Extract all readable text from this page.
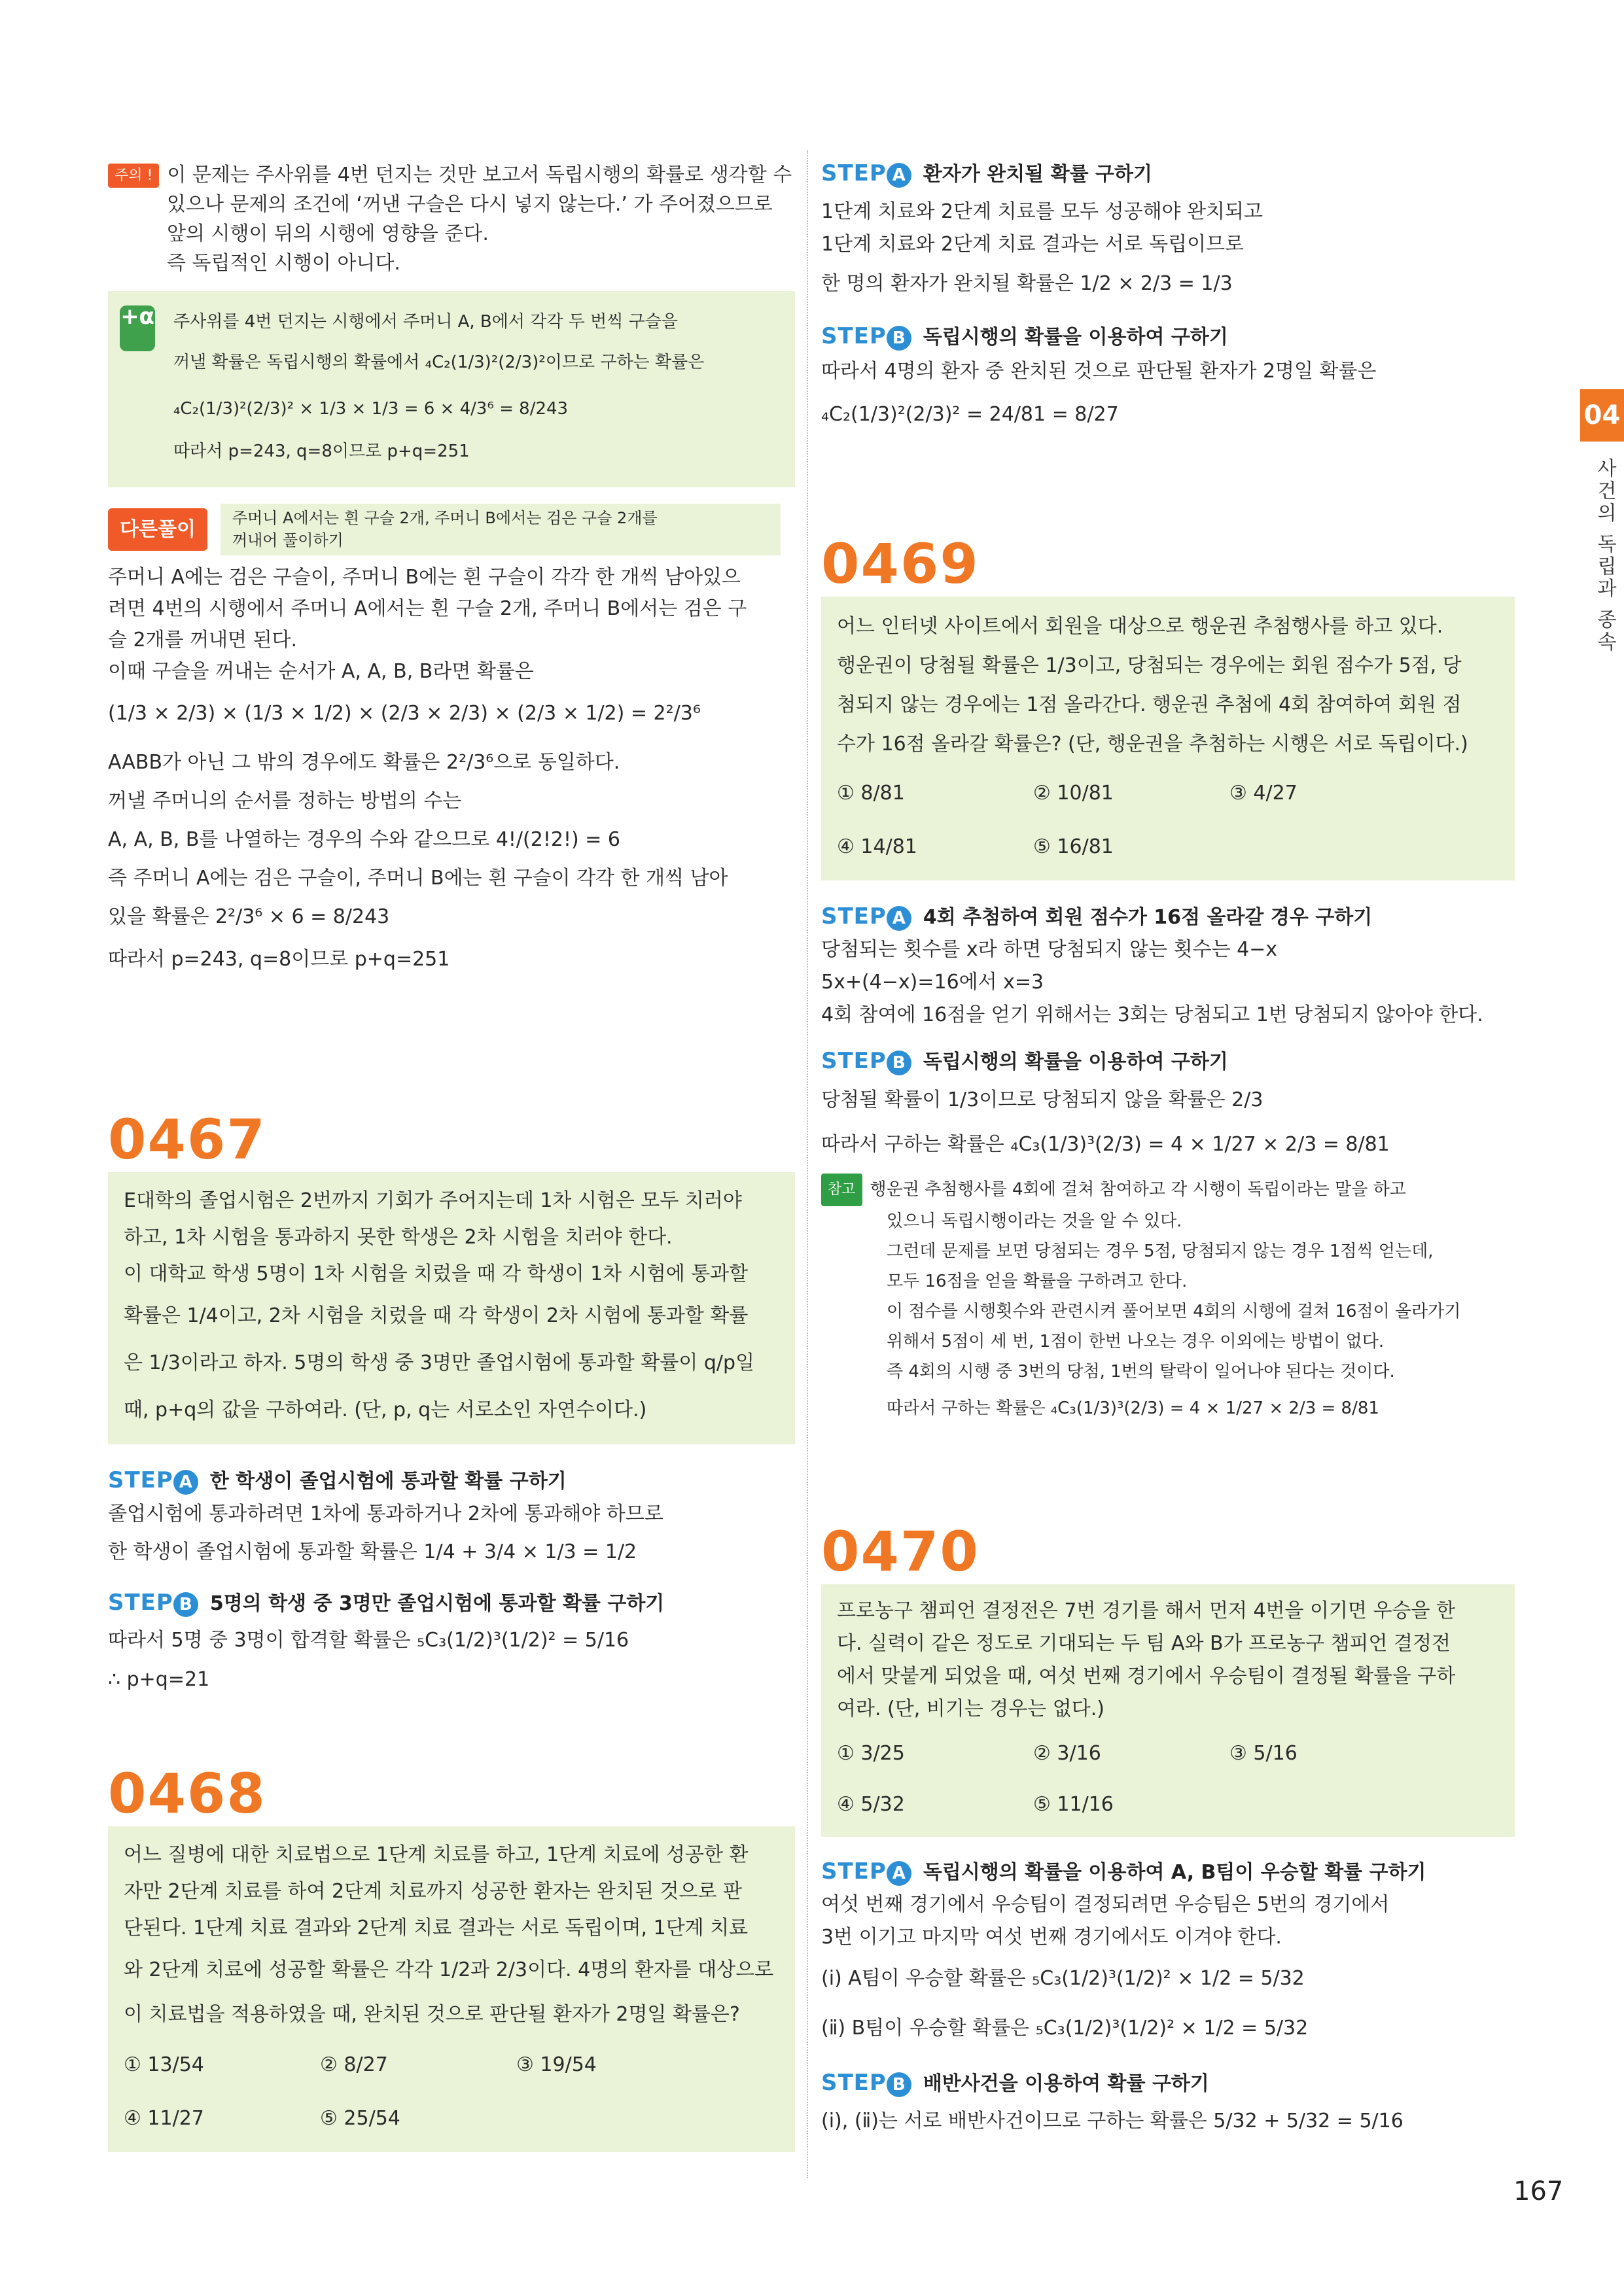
주의 ! 이 문제는 주사위를 4번 던지는 것만 보고서 독립시행의 확률로 생각할 수
있으나 문제의 조건에 ‘꺼낸 구슬은 다시 넣지 않는다.’ 가 주어졌으므로
앞의 시행이 뒤의 시행에 영향을 준다.
즉 독립적인 시행이 아니다.
+α 주사위를 4번 던지는 시행에서 주머니 A, B에서 각각 두 번씩 구슬을
꺼낼 확률은 독립시행의 확률에서 ₄C₂(1/3)²(2/3)²이므로 구하는 확률은
₄C₂(1/3)²(2/3)² × 1/3 × 1/3 = 6 × 4/3⁶ = 8/243
따라서 p=243, q=8이므로 p+q=251
다른풀이
주머니 A에서는 흰 구슬 2개, 주머니 B에서는 검은 구슬 2개를
꺼내어 풀이하기
주머니 A에는 검은 구슬이, 주머니 B에는 흰 구슬이 각각 한 개씩 남아있으
려면 4번의 시행에서 주머니 A에서는 흰 구슬 2개, 주머니 B에서는 검은 구
슬 2개를 꺼내면 된다.
이때 구슬을 꺼내는 순서가 A, A, B, B라면 확률은
(1/3 × 2/3) × (1/3 × 1/2) × (2/3 × 2/3) × (2/3 × 1/2) = 2²/3⁶
AABB가 아닌 그 밖의 경우에도 확률은 2²/3⁶으로 동일하다.
꺼낼 주머니의 순서를 정하는 방법의 수는
A, A, B, B를 나열하는 경우의 수와 같으므로 4!/(2!2!) = 6
즉 주머니 A에는 검은 구슬이, 주머니 B에는 흰 구슬이 각각 한 개씩 남아
있을 확률은 2²/3⁶ × 6 = 8/243
따라서 p=243, q=8이므로 p+q=251
0467
E대학의 졸업시험은 2번까지 기회가 주어지는데 1차 시험은 모두 치러야
하고, 1차 시험을 통과하지 못한 학생은 2차 시험을 치러야 한다.
이 대학교 학생 5명이 1차 시험을 치렀을 때 각 학생이 1차 시험에 통과할
확률은 1/4이고, 2차 시험을 치렀을 때 각 학생이 2차 시험에 통과할 확률
은 1/3이라고 하자. 5명의 학생 중 3명만 졸업시험에 통과할 확률이 q/p일
때, p+q의 값을 구하여라. (단, p, q는 서로소인 자연수이다.)
STEP A 한 학생이 졸업시험에 통과할 확률 구하기
졸업시험에 통과하려면 1차에 통과하거나 2차에 통과해야 하므로
한 학생이 졸업시험에 통과할 확률은 1/4 + 3/4 × 1/3 = 1/2
STEP B 5명의 학생 중 3명만 졸업시험에 통과할 확률 구하기
따라서 5명 중 3명이 합격할 확률은 ₅C₃(1/2)³(1/2)² = 5/16
∴ p+q=21
0468
어느 질병에 대한 치료법으로 1단계 치료를 하고, 1단계 치료에 성공한 환
자만 2단계 치료를 하여 2단계 치료까지 성공한 환자는 완치된 것으로 판
단된다. 1단계 치료 결과와 2단계 치료 결과는 서로 독립이며, 1단계 치료
와 2단계 치료에 성공할 확률은 각각 1/2과 2/3이다. 4명의 환자를 대상으로
이 치료법을 적용하였을 때, 완치된 것으로 판단될 환자가 2명일 확률은?
① 13/54	② 8/27	③ 19/54
④ 11/27	⑤ 25/54
STEP A 환자가 완치될 확률 구하기
1단계 치료와 2단계 치료를 모두 성공해야 완치되고
1단계 치료와 2단계 치료 결과는 서로 독립이므로
한 명의 환자가 완치될 확률은 1/2 × 2/3 = 1/3
STEP B 독립시행의 확률을 이용하여 구하기
따라서 4명의 환자 중 완치된 것으로 판단될 환자가 2명일 확률은
₄C₂(1/3)²(2/3)² = 24/81 = 8/27
0469
어느 인터넷 사이트에서 회원을 대상으로 행운권 추첨행사를 하고 있다.
행운권이 당첨될 확률은 1/3이고, 당첨되는 경우에는 회원 점수가 5점, 당
첨되지 않는 경우에는 1점 올라간다. 행운권 추첨에 4회 참여하여 회원 점
수가 16점 올라갈 확률은? (단, 행운권을 추첨하는 시행은 서로 독립이다.)
① 8/81	② 10/81	③ 4/27
④ 14/81	⑤ 16/81
STEP A 4회 추첨하여 회원 점수가 16점 올라갈 경우 구하기
당첨되는 횟수를 x라 하면 당첨되지 않는 횟수는 4−x
5x+(4−x)=16에서 x=3
4회 참여에 16점을 얻기 위해서는 3회는 당첨되고 1번 당첨되지 않아야 한다.
STEP B 독립시행의 확률을 이용하여 구하기
당첨될 확률이 1/3이므로 당첨되지 않을 확률은 2/3
따라서 구하는 확률은 ₄C₃(1/3)³(2/3) = 4 × 1/27 × 2/3 = 8/81
참고 행운권 추첨행사를 4회에 걸쳐 참여하고 각 시행이 독립이라는 말을 하고
있으니 독립시행이라는 것을 알 수 있다.
그런데 문제를 보면 당첨되는 경우 5점, 당첨되지 않는 경우 1점씩 얻는데,
모두 16점을 얻을 확률을 구하려고 한다.
이 점수를 시행횟수와 관련시켜 풀어보면 4회의 시행에 걸쳐 16점이 올라가기
위해서 5점이 세 번, 1점이 한번 나오는 경우 이외에는 방법이 없다.
즉 4회의 시행 중 3번의 당첨, 1번의 탈락이 일어나야 된다는 것이다.
따라서 구하는 확률은 ₄C₃(1/3)³(2/3) = 4 × 1/27 × 2/3 = 8/81
0470
프로농구 챔피언 결정전은 7번 경기를 해서 먼저 4번을 이기면 우승을 한
다. 실력이 같은 정도로 기대되는 두 팀 A와 B가 프로농구 챔피언 결정전
에서 맞붙게 되었을 때, 여섯 번째 경기에서 우승팀이 결정될 확률을 구하
여라. (단, 비기는 경우는 없다.)
① 3/25	② 3/16	③ 5/16
④ 5/32	⑤ 11/16
STEP A 독립시행의 확률을 이용하여 A, B팀이 우승할 확률 구하기
여섯 번째 경기에서 우승팀이 결정되려면 우승팀은 5번의 경기에서
3번 이기고 마지막 여섯 번째 경기에서도 이겨야 한다.
(ⅰ) A팀이 우승할 확률은 ₅C₃(1/2)³(1/2)² × 1/2 = 5/32
(ⅱ) B팀이 우승할 확률은 ₅C₃(1/2)³(1/2)² × 1/2 = 5/32
STEP B 배반사건을 이용하여 확률 구하기
(ⅰ), (ⅱ)는 서로 배반사건이므로 구하는 확률은 5/32 + 5/32 = 5/16
04
사건의 독립과 종속
167
